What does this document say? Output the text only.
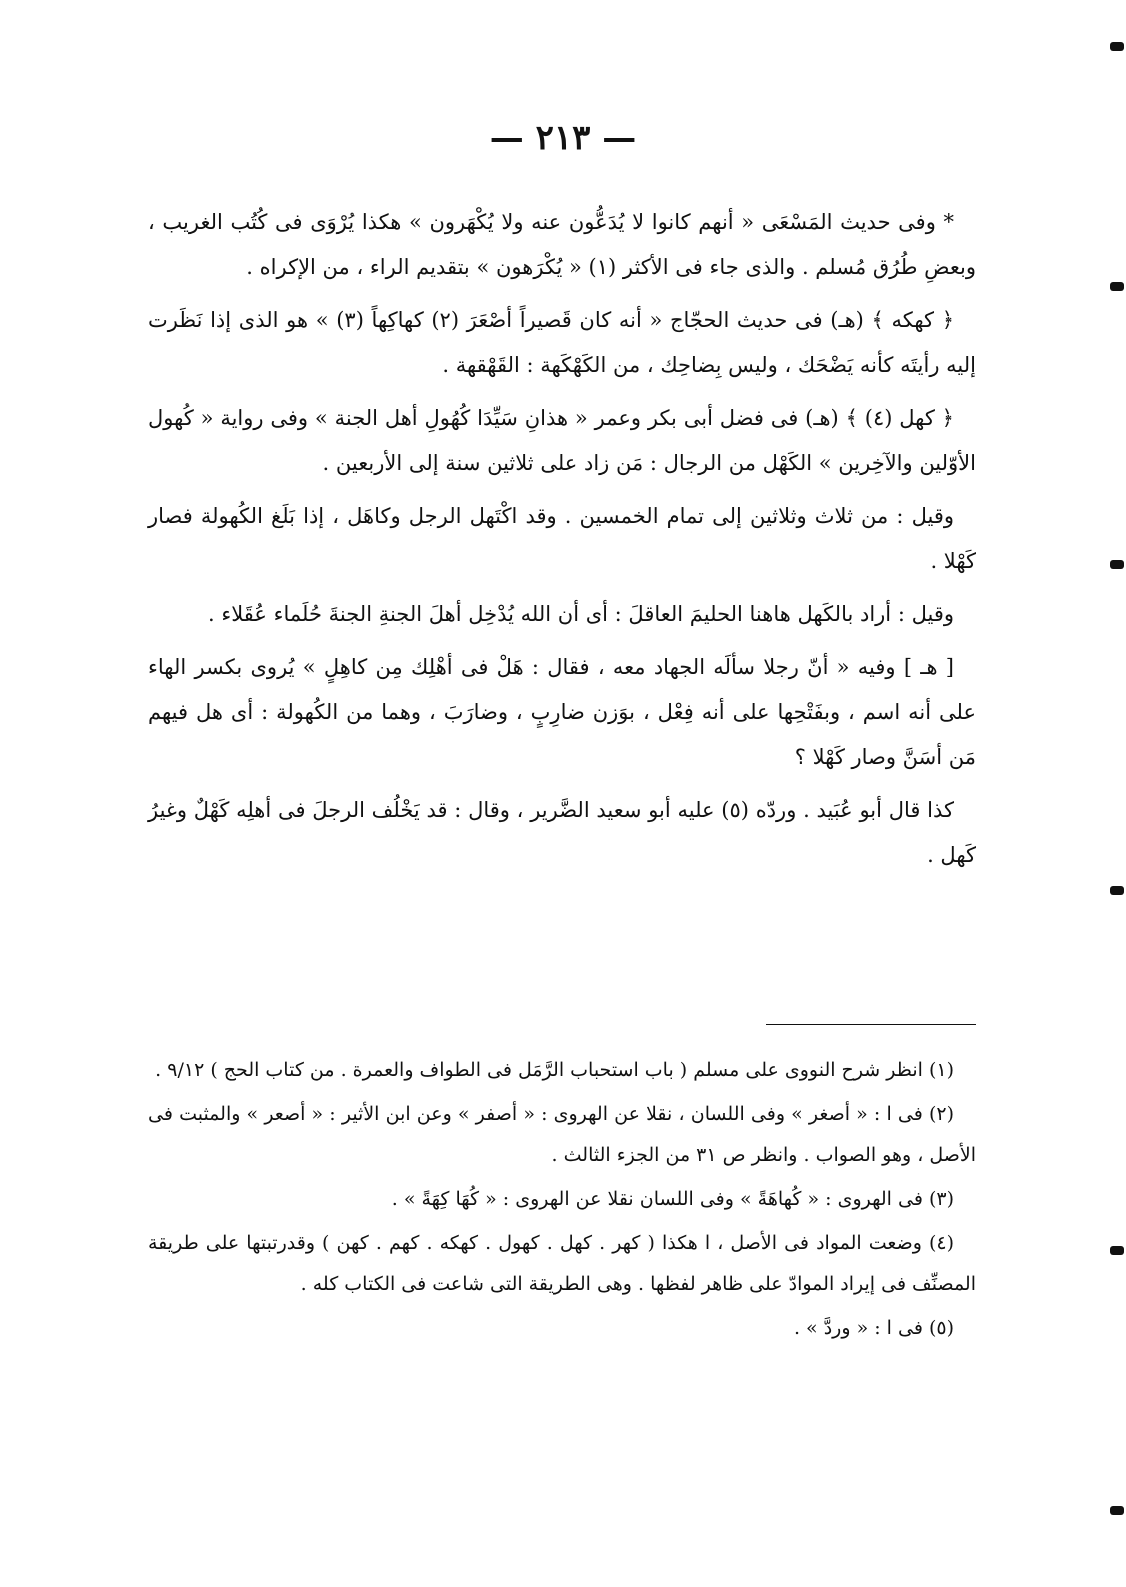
— ٢١٣ —

* وفى حديث المَسْعَى « أنهم كانوا لا يُدَعُّون عنه ولا يُكْهَرون » هكذا يُرْوَى فى كُتُب الغريب ، وبعضِ طُرُق مُسلم . والذى جاء فى الأكثر (١) « يُكْرَهون » بتقديم الراء ، من الإكراه .

﴿ كهكه ﴾ (هـ) فى حديث الحجّاج « أنه كان قَصيراً أصْعَرَ (٢) كهاكِهاً (٣) » هو الذى إذا نَظَرت إليه رأيتَه كأنه يَضْحَك ، وليس بِضاحِك ، من الكَهْكَهة : القَهْقهة .

﴿ كهل (٤) ﴾ (هـ) فى فضل أبى بكر وعمر « هذانِ سَيِّدَا كُهُولِ أهل الجنة » وفى رواية « كُهول الأوّلين والآخِرين » الكَهْل من الرجال : مَن زاد على ثلاثين سنة إلى الأربعين .

وقيل : من ثلاث وثلاثين إلى تمام الخمسين . وقد اكْتَهل الرجل وكاهَل ، إذا بَلَغ الكُهولة فصار كَهْلا .

وقيل : أراد بالكَهل هاهنا الحليمَ العاقلَ : أى أن الله يُدْخِل أهلَ الجنةِ الجنةَ حُلَماء عُقَلاء .

[ هـ ] وفيه « أنّ رجلا سألَه الجهاد معه ، فقال : هَلْ فى أهْلِك مِن كاهِلٍ » يُروى بكسر الهاء على أنه اسم ، وبفَتْحِها على أنه فِعْل ، بوَزن ضارِبٍ ، وضارَبَ ، وهما من الكُهولة : أى هل فيهم مَن أسَنَّ وصار كَهْلا ؟

كذا قال أبو عُبَيد . وردّه (٥) عليه أبو سعيد الضَّرير ، وقال : قد يَخْلُف الرجلَ فى أهلِه كَهْلٌ وغيرُ كَهل .

(١) انظر شرح النووى على مسلم ( باب استحباب الرَّمَل فى الطواف والعمرة . من كتاب الحج ) ٩/١٢ .

(٢) فى ا : « أصغر » وفى اللسان ، نقلا عن الهروى : « أصفر » وعن ابن الأثير : « أصعر » والمثبت فى الأصل ، وهو الصواب . وانظر ص ٣١ من الجزء الثالث .

(٣) فى الهروى : « كُهاهَةً » وفى اللسان نقلا عن الهروى : « كُهَا كِهَةً » .

(٤) وضعت المواد فى الأصل ، ا هكذا ( كهر . كهل . كهول . كهكه . كهم . كهن ) وقدرتبتها على طريقة المصنِّف فى إيراد الموادّ على ظاهر لفظها . وهى الطريقة التى شاعت فى الكتاب كله .

(٥) فى ا : « وردَّ » .
